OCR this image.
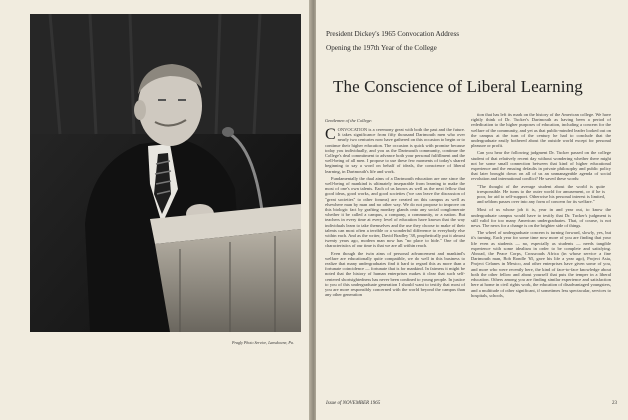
Pragly Photo Service, Lansdowne, Pa.
President Dickey's 1965 Convocation Address
Opening the 197th Year of the College
The Conscience of Liberal Learning
Gentlemen of the College:

CONVOCATION is a ceremony great with both the past and the future. It takes significance from fifty thousand Dartmouth men who over nearly two centuries now have gathered on this occasion to begin or to continue their higher education. The occasion is quick with promise because today you individually, and you as the Dartmouth community, continue the College's deal commitment to advance both your personal fulfillment and the well-being of all men. I propose to use these few moments of today's shared beginning to say a word on behalf of ideals, the conscience of liberal learning, in Dartmouth's life and work.

Fundamentally the dual aims of a Dartmouth education are one since the well-being of mankind is ultimately inseparable from learning to make the most of one's own talents. Each of us knows as well as the next fellow that good ideas, good works, and good societies ('we can leave the discussion of "great societies" to other forums) are created on this campus as well as elsewhere man by man and no other way. We do not propose to improve on this biologic fact by grafting monkey glands onto any social conglomerate whether it be called a campus, a company, a community, or a nation. But teachers in every time at every level of education have known that the way individuals learn to take themselves and the use they choose to make of their talents can most often a terrible or a wonderful difference to everybody else within each. And as the writer, David Bradley '38, prophetically put it almost twenty years ago, modern man now has "no place to hide." One of the characteristics of our time is that we are all within reach.

Even though the twin aims of personal advancement and mankind's welfare are educationally quite compatible, we do well in this business to realize that many undergraduates find it hard to regard this as more than a fortunate coincidence — fortunate that is for mankind. In fairness it might be noted that the history of human enterprises makes it clear that such self-centered shortsightedness has never been confined to young people. In justice to you of this undergraduate generation I should want to testify that most of you are more responsibly concerned with the world beyond the campus than any other generation

tion that has left its mark on the history of the American college. We have rightly think of Dr. Tucker's Dartmouth as having been a period of rededication to the higher purposes of education, including a concern for the welfare of the community, and yet as that public-minded leader looked out on the campus at the turn of the century he had to conclude that the undergraduate easily bothered about the outside world except for personal pleasure or profit.

Can you hear the following judgment Dr. Tucker passed on the college student of that relatively recent day without wondering whether there might not be some small connection between that kind of higher educational experience and the ensuing defaults in private philosophy and public policy that later brought down on all of us an unmanageable agenda of social revolution and international conflict? He saved these words:

"The thought of the average student about the world is quite irresponsible. He turns to the outer world for amusement, or if he is poor, for aid to self-support. Otherwise his personal interest is limited, and seldom passes over into any form of concern for its welfare."

Most of us whose job it is, year in and year out, to know the undergraduate campus would have to testify that Dr. Tucker's judgment is still valid for too many American undergraduates. That, of course, is not news. The news for a change is on the brighter side of things.

The wheel of undergraduate concern is turning forward, slowly, yes, but it's turning. Each year for some time now more of you are finding that your life even as students — no, especially as students — needs tangible experience with some idealism in order to be complete and satisfying. Abroad, the Peace Corps, Crossroads Africa (in whose service a fine Dartmouth man, Bob Rondle '65, gave his life a year ago), Project Asia, Project Celanes in Mexico, and other enterprises have given some of you, and more who were recently here, the kind of face-to-face knowledge about both the other fellow and about yourself that puts the temper in a liberal education. Others among you are finding similar experience and satisfaction here at home in civil rights work, the education of disadvantaged youngsters, and a multitude of other significant, if sometimes less spectacular, services to hospitals, schools,

Issue of NOVEMBER 1965	23
